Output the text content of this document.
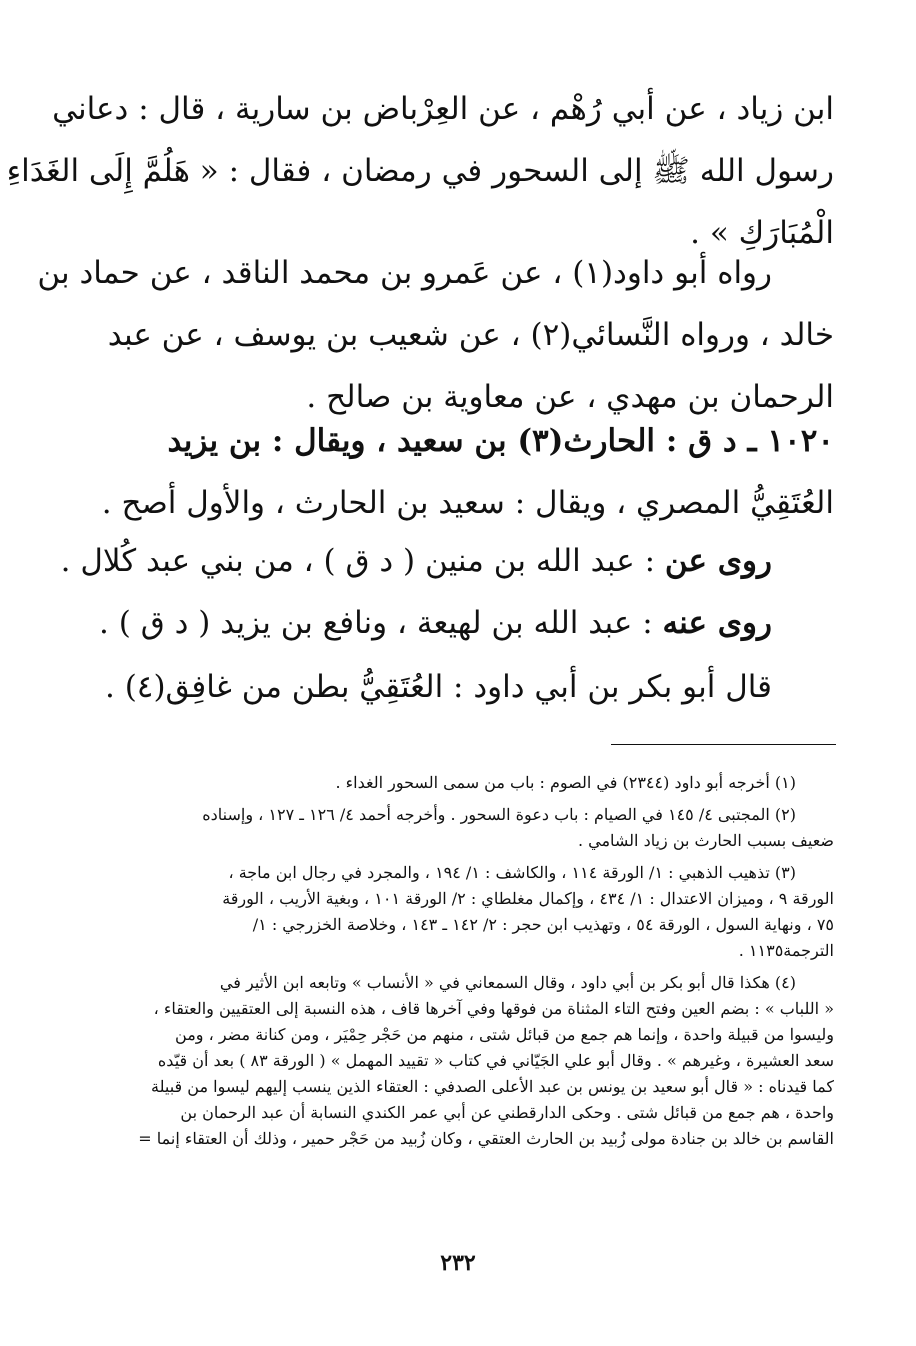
ابن زياد ، عن أبي رُهْم ، عن العِرْباض بن سارية ، قال : دعاني
رسول الله ﷺ إلى السحور في رمضان ، فقال : « هَلُمَّ إِلَى الغَدَاءِ
الْمُبَارَكِ » .
رواه أبو داود(١) ، عن عَمرو بن محمد الناقد ، عن حماد بن
خالد ، ورواه النَّسائي(٢) ، عن شعيب بن يوسف ، عن عبد
الرحمان بن مهدي ، عن معاوية بن صالح .
١٠٢٠ ـ د ق : الحارث(٣) بن سعيد ، ويقال : بن يزيد
العُتَقِيُّ المصري ، ويقال : سعيد بن الحارث ، والأول أصح .
روى عن : عبد الله بن منين ( د ق ) ، من بني عبد كُلال .
روى عنه : عبد الله بن لهيعة ، ونافع بن يزيد ( د ق ) .
قال أبو بكر بن أبي داود : العُتَقِيُّ بطن من غافِق(٤) .
(١) أخرجه أبو داود (٢٣٤٤) في الصوم : باب من سمى السحور الغداء .
(٢) المجتبى ٤/ ١٤٥ في الصيام : باب دعوة السحور . وأخرجه أحمد ٤/ ١٢٦ ـ ١٢٧ ، وإسناده
ضعيف بسبب الحارث بن زياد الشامي .
(٣) تذهيب الذهبي : ١/ الورقة ١١٤ ، والكاشف : ١/ ١٩٤ ، والمجرد في رجال ابن ماجة ،
الورقة ٩ ، وميزان الاعتدال : ١/ ٤٣٤ ، وإكمال مغلطاي : ٢/ الورقة ١٠١ ، وبغية الأريب ، الورقة
٧٥ ، ونهاية السول ، الورقة ٥٤ ، وتهذيب ابن حجر : ٢/ ١٤٢ ـ ١٤٣ ، وخلاصة الخزرجي : ١/
الترجمة١١٣٥ .
(٤) هكذا قال أبو بكر بن أبي داود ، وقال السمعاني في « الأنساب » وتابعه ابن الأثير في
« اللباب » : بضم العين وفتح التاء المثناة من فوقها وفي آخرها قاف ، هذه النسبة إلى العتقيين والعتقاء ،
وليسوا من قبيلة واحدة ، وإنما هم جمع من قبائل شتى ، منهم من حَجْر حِمْيَر ، ومن كنانة مضر ، ومن
سعد العشيرة ، وغيرهم » . وقال أبو علي الجَيّاني في كتاب « تقييد المهمل » ( الورقة ٨٣ ) بعد أن قيّده
كما قيدناه : « قال أبو سعيد بن يونس بن عبد الأعلى الصدفي : العتقاء الذين ينسب إليهم ليسوا من قبيلة
واحدة ، هم جمع من قبائل شتى . وحكى الدارقطني عن أبي عمر الكندي النسابة أن عبد الرحمان بن
القاسم بن خالد بن جنادة مولى زُبيد بن الحارث العتقي ، وكان زُبيد من حَجْر حمير ، وذلك أن العتقاء إنما =
٢٣٢
